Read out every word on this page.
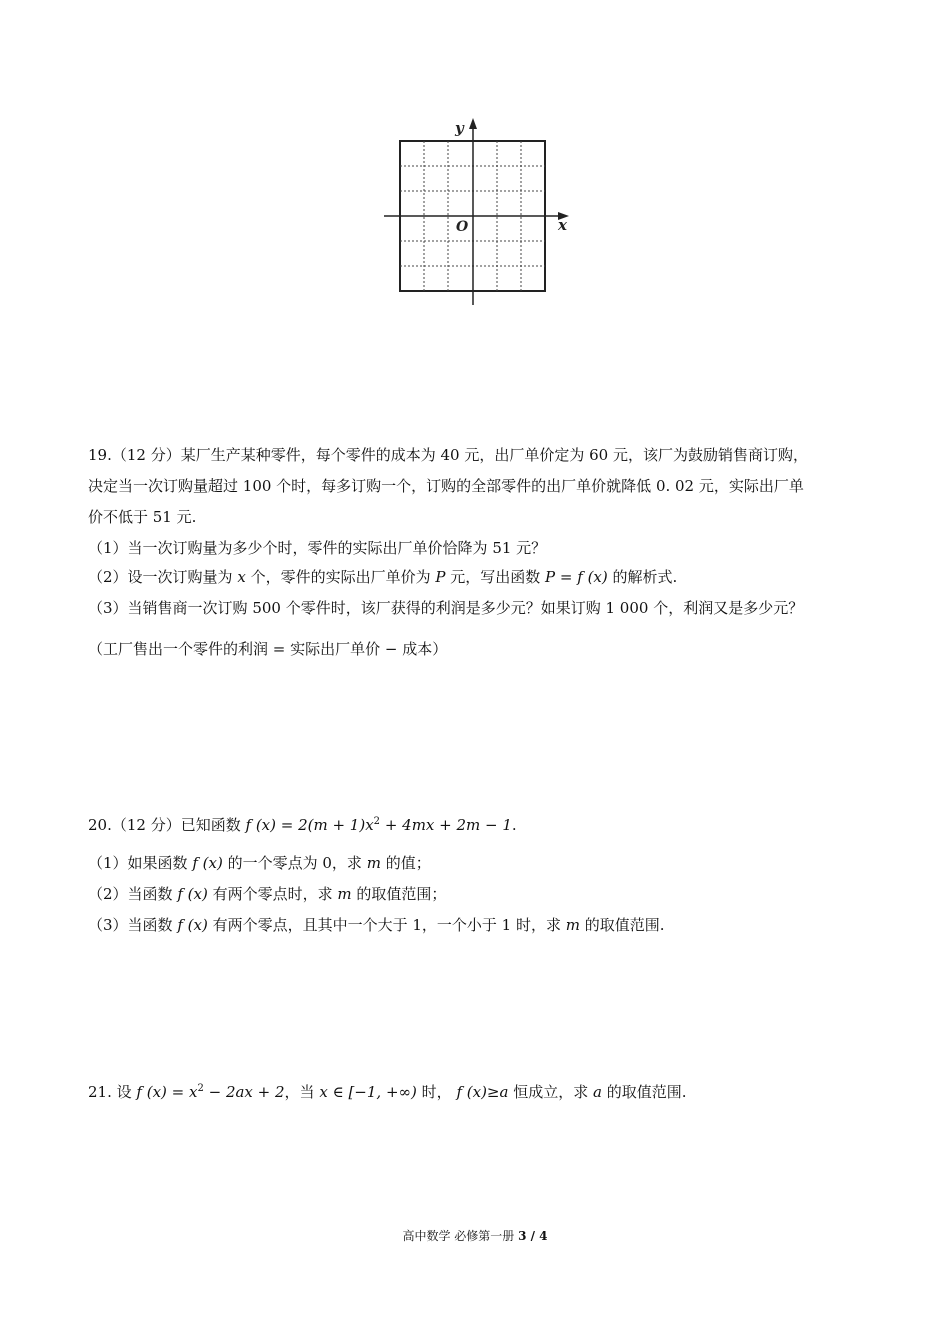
y
x
O
19.（12 分）某厂生产某种零件，每个零件的成本为 40 元，出厂单价定为 60 元，该厂为鼓励销售商订购，
决定当一次订购量超过 100 个时，每多订购一个，订购的全部零件的出厂单价就降低 0. 02 元，实际出厂单
价不低于 51 元.
（1）当一次订购量为多少个时，零件的实际出厂单价恰降为 51 元？
（2）设一次订购量为 x 个，零件的实际出厂单价为 P 元，写出函数 P = f (x) 的解析式.
（3）当销售商一次订购 500 个零件时，该厂获得的利润是多少元？如果订购 1 000 个，利润又是多少元？
（工厂售出一个零件的利润 = 实际出厂单价 − 成本）
20.（12 分）已知函数 f $(x) = 2(m + 1)x^2 + 4mx + 2m - 1$.
（1）如果函数 f (x) 的一个零点为 0，求 m 的值；
（2）当函数 f (x) 有两个零点时，求 m 的取值范围；
（3）当函数 f (x) 有两个零点，且其中一个大于 1，一个小于 1 时，求 m 的取值范围.
21. 设 f $(x) = x^2 - 2ax + 2$，当 x ∈ [−1, +∞) 时， f (x)≥a 恒成立，求 a 的取值范围.
高中数学 必修第一册 3 / 4
